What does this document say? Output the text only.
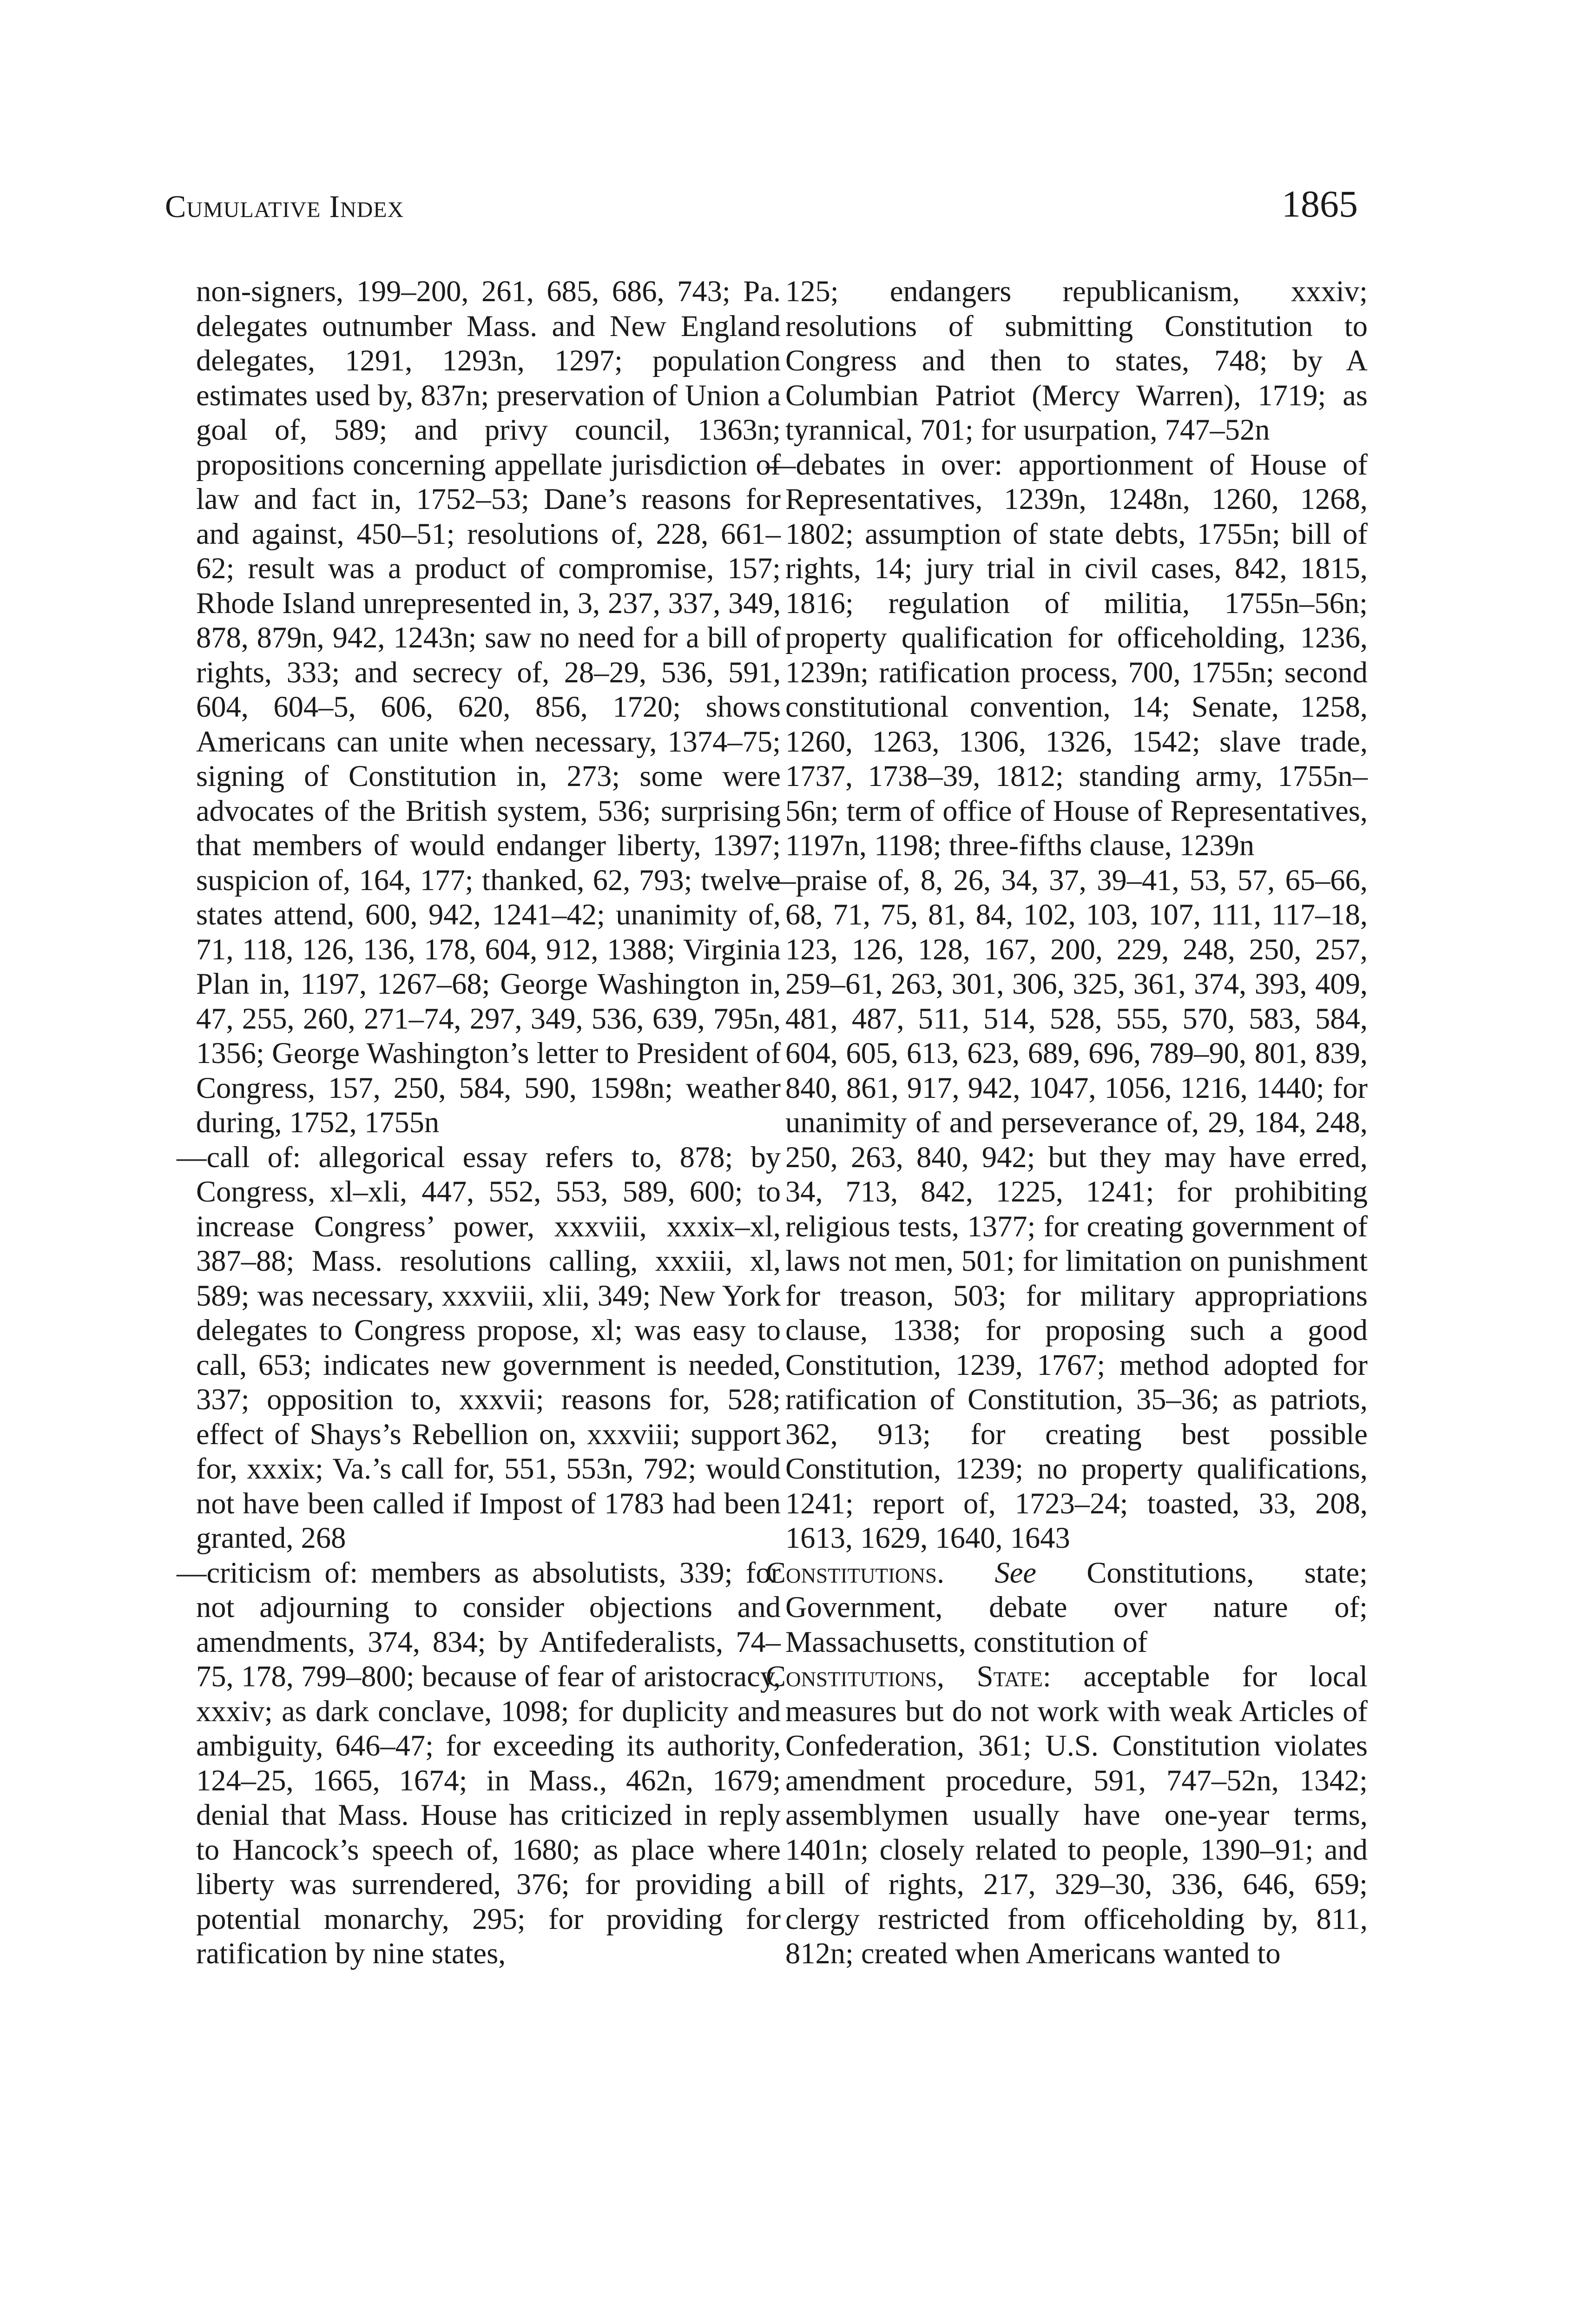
Cumulative Index	1865

non-signers, 199–200, 261, 685, 686, 743; Pa. delegates outnumber Mass. and New England delegates, 1291, 1293n, 1297; population estimates used by, 837n; preservation of Union a goal of, 589; and privy council, 1363n; propositions concerning appellate jurisdiction of law and fact in, 1752–53; Dane’s reasons for and against, 450–51; resolutions of, 228, 661–62; result was a product of compromise, 157; Rhode Island unrepresented in, 3, 237, 337, 349, 878, 879n, 942, 1243n; saw no need for a bill of rights, 333; and secrecy of, 28–29, 536, 591, 604, 604–5, 606, 620, 856, 1720; shows Americans can unite when necessary, 1374–75; signing of Constitution in, 273; some were advocates of the British system, 536; surprising that members of would endanger liberty, 1397; suspicion of, 164, 177; thanked, 62, 793; twelve states attend, 600, 942, 1241–42; unanimity of, 71, 118, 126, 136, 178, 604, 912, 1388; Virginia Plan in, 1197, 1267–68; George Washington in, 47, 255, 260, 271–74, 297, 349, 536, 639, 795n, 1356; George Washington’s letter to President of Congress, 157, 250, 584, 590, 1598n; weather during, 1752, 1755n

—call of: allegorical essay refers to, 878; by Congress, xl–xli, 447, 552, 553, 589, 600; to increase Congress’ power, xxxviii, xxxix–xl, 387–88; Mass. resolutions calling, xxxiii, xl, 589; was necessary, xxxviii, xlii, 349; New York delegates to Congress propose, xl; was easy to call, 653; indicates new government is needed, 337; opposition to, xxxvii; reasons for, 528; effect of Shays’s Rebellion on, xxxviii; support for, xxxix; Va.’s call for, 551, 553n, 792; would not have been called if Impost of 1783 had been granted, 268

—criticism of: members as absolutists, 339; for not adjourning to consider objections and amendments, 374, 834; by Antifederalists, 74–75, 178, 799–800; because of fear of aristocracy, xxxiv; as dark conclave, 1098; for duplicity and ambiguity, 646–47; for exceeding its authority, 124–25, 1665, 1674; in Mass., 462n, 1679; denial that Mass. House has criticized in reply to Hancock’s speech of, 1680; as place where liberty was surrendered, 376; for providing a potential monarchy, 295; for providing for ratification by nine states,

125; endangers republicanism, xxxiv; resolutions of submitting Constitution to Congress and then to states, 748; by A Columbian Patriot (Mercy Warren), 1719; as tyrannical, 701; for usurpation, 747–52n

—debates in over: apportionment of House of Representatives, 1239n, 1248n, 1260, 1268, 1802; assumption of state debts, 1755n; bill of rights, 14; jury trial in civil cases, 842, 1815, 1816; regulation of militia, 1755n–56n; property qualification for officeholding, 1236, 1239n; ratification process, 700, 1755n; second constitutional convention, 14; Senate, 1258, 1260, 1263, 1306, 1326, 1542; slave trade, 1737, 1738–39, 1812; standing army, 1755n–56n; term of office of House of Representatives, 1197n, 1198; three-fifths clause, 1239n

—praise of, 8, 26, 34, 37, 39–41, 53, 57, 65–66, 68, 71, 75, 81, 84, 102, 103, 107, 111, 117–18, 123, 126, 128, 167, 200, 229, 248, 250, 257, 259–61, 263, 301, 306, 325, 361, 374, 393, 409, 481, 487, 511, 514, 528, 555, 570, 583, 584, 604, 605, 613, 623, 689, 696, 789–90, 801, 839, 840, 861, 917, 942, 1047, 1056, 1216, 1440; for unanimity of and perseverance of, 29, 184, 248, 250, 263, 840, 942; but they may have erred, 34, 713, 842, 1225, 1241; for prohibiting religious tests, 1377; for creating government of laws not men, 501; for limitation on punishment for treason, 503; for military appropriations clause, 1338; for proposing such a good Constitution, 1239, 1767; method adopted for ratification of Constitution, 35–36; as patriots, 362, 913; for creating best possible Constitution, 1239; no property qualifications, 1241; report of, 1723–24; toasted, 33, 208, 1613, 1629, 1640, 1643

Constitutions. See Constitutions, state; Government, debate over nature of; Massachusetts, constitution of

Constitutions, State: acceptable for local measures but do not work with weak Articles of Confederation, 361; U.S. Constitution violates amendment procedure, 591, 747–52n, 1342; assemblymen usually have one-year terms, 1401n; closely related to people, 1390–91; and bill of rights, 217, 329–30, 336, 646, 659; clergy restricted from officeholding by, 811, 812n; created when Americans wanted to
